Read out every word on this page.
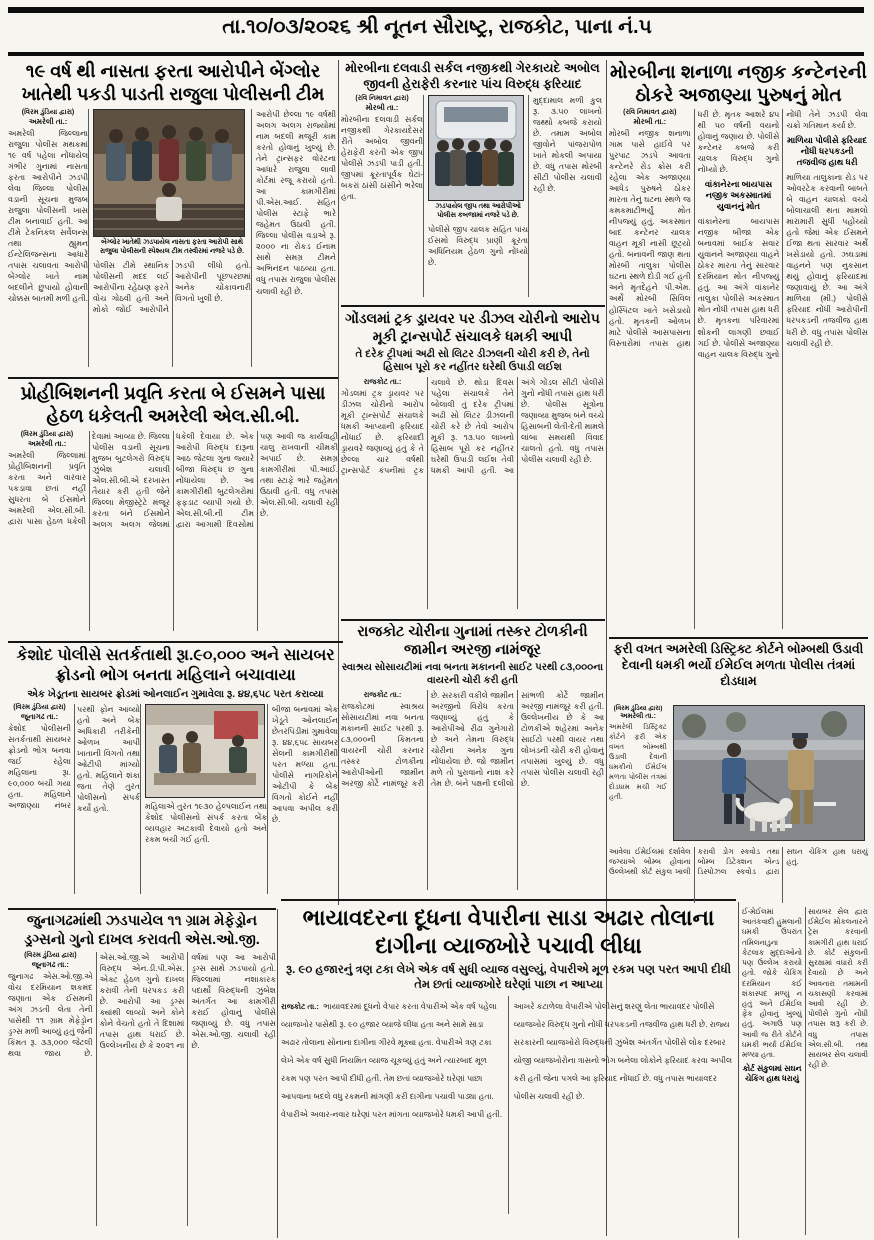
તા.૧૦/૦૩/૨૦૨૬ શ્રી નૂતન સૌરાષ્ટ્ર, રાજકોટ, પાના નં.૫
૧૯ વર્ષ થી નાસતા ફરતા આરોપીને બેંગ્લોર ખાતેથી પકડી પાડતી રાજુલા પોલીસની ટીમ

(વિરમ ડુંડિયા દ્વારા)

અમરેલી તા.:

અમરેલી જિલ્લાના રાજુલા પોલીસ મથકમાં ૧૯ વર્ષ પહેલા નોંધાયેલ ગંભીર ગુનામાં નાસતા ફરતા આરોપીને ઝડપી લેવા જિલ્લા પોલીસ વડાની સૂચના મુજબ રાજુલા પોલીસની ખાસ ટીમ બનાવાઈ હતી. આ ટીમે ટેકનિકલ સર્વેલન્સ તથા હ્યુમન ઈન્ટેલિજન્સના આધારે તપાસ ચલાવતા આરોપી બેંગ્લોર ખાતે નામ બદલીને છુપાયો હોવાની ચોક્કસ બાતમી મળી હતી.

બેંગ્લોર ખાતેથી ઝડપાયેલ નાસતા ફરતા આરોપી સાથે રાજુલા પોલીસની સ્પેશ્યલ ટીમ તસ્વીરમાં નજરે પડે છે.

પોલીસ ટીમે સ્થાનિક પોલીસની મદદ લઈ આરોપીના રહેઠાણ ફરતે વોચ ગોઠવી હતી અને મોકો જોઈ આરોપીને ઝડપી લીધો હતો. આરોપીની પૂછપરછમાં અનેક ચોંકાવનારી વિગતો ખુલી છે.

આરોપી છેલ્લા ૧૯ વર્ષથી અલગ અલગ રાજ્યોમાં નામ બદલી મજૂરી કામ કરતો હોવાનું ખુલ્યું છે. તેને ટ્રાન્સફર વોરંટના આધારે રાજુલા લાવી કોર્ટમાં રજૂ કરાયો હતો. આ કામગીરીમાં પી.એસ.આઈ. સહિત પોલીસ સ્ટાફે ભારે જહેમત ઉઠાવી હતી. જિલ્લા પોલીસ વડાએ રૂ. ૨૦૦૦ ના રોકડ ઈનામ સાથે સમગ્ર ટીમને અભિનંદન પાઠવ્યા હતા. વધુ તપાસ રાજુલા પોલીસ ચલાવી રહી છે.

મોરબીના દલવાડી સર્કલ નજીકથી ગેરકાયદે અબોલ જીવની હેરાફેરી કરનાર પાંચ વિરુદ્ધ ફરિયાદ

(રવિ નિમાવત દ્વારા)

મોરબી તા.:

મોરબીના દલવાડી સર્કલ નજીકથી ગેરકાયદેસર રીતે અબોલ જીવની હેરાફેરી કરતી એક જીપ પોલીસે ઝડપી પાડી હતી. જીપમાં ક્રૂરતાપૂર્વક ઘેટાં-બકરાં ઠાંસી ઠાંસીને ભરેલા હતા.

ઝડપાયેલ જીપ તથા આરોપીઓ પોલીસ કબજામાં નજરે પડે છે.

પોલીસે જીપ ચાલક સહિત પાંચ ઈસમો વિરુદ્ધ પ્રાણી ક્રૂરતા અધિનિયમ હેઠળ ગુનો નોંધ્યો છે.

મુદ્દામાલ મળી કુલ રૂ. ૩.૫૦ લાખનો જથ્થો કબજે કરાયો છે. તમામ અબોલ જીવોને પાંજરાપોળ ખાતે મોકલી અપાયા છે. વધુ તપાસ મોરબી સીટી પોલીસ ચલાવી રહી છે.

મોરબીના શનાળા નજીક કન્ટેનરની ઠોકરે અજાણ્યા પુરુષનું મોત

(રવિ નિમાવત દ્વારા)

મોરબી તા.:

મોરબી નજીક શનાળા ગામ પાસે હાઈવે પર પુરપાટ ઝડપે આવતા કન્ટેનરે રોડ ક્રોસ કરી રહેલા એક અજાણ્યા આધેડ પુરુષને ઠોકર મારતા તેનું ઘટના સ્થળે જ કમકમાટીભર્યું મોત નીપજ્યું હતું. અકસ્માત બાદ કન્ટેનર ચાલક વાહન મૂકી નાસી છૂટ્યો હતો. બનાવની જાણ થતા મોરબી તાલુકા પોલીસ ઘટના સ્થળે દોડી ગઈ હતી અને મૃતદેહને પી.એમ. અર્થે મોરબી સિવિલ હોસ્પિટલ ખાતે ખસેડાયો હતો. મૃતકની ઓળખ માટે પોલીસે આસપાસના વિસ્તારોમાં તપાસ હાથ ધરી છે. મૃતક આશરે ૪૫ થી ૫૦ વર્ષની વયનો હોવાનું જણાય છે. પોલીસે કન્ટેનર કબજે કરી ચાલક વિરુદ્ધ ગુનો નોંધ્યો છે.

વાંકાનેરના બાયપાસ નજીક અકસ્માતમાં યુવાનનું મોત

વાંકાનેરના બાયપાસ નજીક બીજા એક બનાવમાં બાઈક સવાર યુવાનને અજાણ્યા વાહને ઠોકર મારતા તેનું સારવાર દરમિયાન મોત નીપજ્યું હતું. આ અંગે વાંકાનેર તાલુકા પોલીસે અકસ્માત મોત નોંધી તપાસ હાથ ધરી છે. મૃતકના પરિવારમાં શોકની લાગણી છવાઈ ગઈ છે. પોલીસે અજાણ્યા વાહન ચાલક વિરુદ્ધ ગુનો નોંધી તેને ઝડપી લેવા ચક્રો ગતિમાન કર્યા છે.

માળિયા પોલીસે ફરિયાદ નોંધી ધરપકડની તજવીજ હાથ ધરી

માળિયા તાલુકાના રોડ પર ઓવરટેક કરવાની બાબતે બે વાહન ચાલકો વચ્ચે બોલાચાલી થતા મામલો મારામારી સુધી પહોંચ્યો હતો જેમાં એક ઈસમને ઈજા થતા સારવાર અર્થે ખસેડાયો હતો. ઝઘડામાં વાહનને પણ નુકસાન થયું હોવાનું ફરિયાદમાં જણાવાયું છે. આ અંગે માળિયા (મી.) પોલીસે ફરિયાદ નોંધી આરોપીની ધરપકડની તજવીજ હાથ ધરી છે. વધુ તપાસ પોલીસ ચલાવી રહી છે.

પ્રોહીબિશનની પ્રવૃતિ કરતા બે ઈસમને પાસા હેઠળ ધકેલતી અમરેલી એલ.સી.બી.

(વિરમ ડુંડિયા દ્વારા)

અમરેલી તા.:

અમરેલી જિલ્લામાં પ્રોહીબિશનની પ્રવૃતિ કરતા અને વારંવાર પકડાવા છતાં નહીં સુધરતા બે ઈસમોને અમરેલી એલ.સી.બી. દ્વારા પાસા હેઠળ ધકેલી દેવામાં આવ્યા છે. જિલ્લા પોલીસ વડાની સૂચના મુજબ બુટલેગરો વિરુદ્ધ ઝુંબેશ ચલાવી એલ.સી.બી.એ દરખાસ્ત તૈયાર કરી હતી જેને જિલ્લા મેજીસ્ટ્રેટે મંજૂર કરતા બંને ઈસમોને અલગ અલગ જેલમાં ધકેલી દેવાયા છે. એક આરોપી વિરુદ્ધ દારૂના આઠ જેટલા ગુના જ્યારે બીજા વિરુદ્ધ છ ગુના નોંધાયેલા છે. આ કામગીરીથી બુટલેગરોમાં ફફડાટ વ્યાપી ગયો છે. એલ.સી.બી.ની ટીમ દ્વારા આગામી દિવસોમાં પણ આવી જ કાર્યવાહી ચાલુ રાખવાની ચીમકી અપાઈ છે. સમગ્ર કામગીરીમાં પી.આઈ. તથા સ્ટાફે ભારે જહેમત ઉઠાવી હતી. વધુ તપાસ એલ.સી.બી. ચલાવી રહી છે.

ગોંડલમાં ટ્રક ડ્રાયવર પર ડીઝલ ચોરીનો આરોપ મૂકી ટ્રાન્સપોર્ટ સંચાલકે ધમકી આપી

તે દરેક ટ્રીપમાં અઢી સો લિટર ડીઝલની ચોરી કરી છે, તેનો હિસાબ પૂરો કર નહીંતર ઘરેથી ઉપાડી લઈશ

રાજકોટ તા.:

ગોંડલમાં ટ્રક ડ્રાયવર પર ડીઝલ ચોરીનો આરોપ મૂકી ટ્રાન્સપોર્ટ સંચાલકે ધમકી આપ્યાની ફરિયાદ નોંધાઈ છે. ફરિયાદી ડ્રાયવરે જણાવ્યું હતું કે તે છેલ્લા ચાર વર્ષથી ટ્રાન્સપોર્ટ કંપનીમાં ટ્રક ચલાવે છે. થોડા દિવસ પહેલા સંચાલકે તેને બોલાવી તું દરેક ટ્રીપમાં અઢી સો લિટર ડીઝલની ચોરી કરે છે તેવો આરોપ મૂકી રૂ. ૧૩.૫૦ લાખનો હિસાબ પૂરો કર નહીંતર ઘરેથી ઉપાડી લઈશ તેવી ધમકી આપી હતી. આ અંગે ગોંડલ સીટી પોલીસે ગુનો નોંધી તપાસ હાથ ધરી છે. પોલીસ સૂત્રોના જણાવ્યા મુજબ બંને વચ્ચે હિસાબની લેતી-દેતી મામલે લાંબા સમયથી વિવાદ ચાલતો હતો. વધુ તપાસ પોલીસ ચલાવી રહી છે.

કેશોદ પોલીસે સતર્કતાથી રૂા.૯૦,૦૦૦ અને સાયબર ફ્રોડનો ભોગ બનતા મહિલાને બચાવાયા

એક ખેડૂતના સાયબર ફ્રોડમાં ઓનલાઈન ગુમાવેલા રૂ. ૪૪,૬૫૮ પરત કરાવ્યા

(વિરમ ડુંડિયા દ્વારા)

જૂનાગઢ તા.:

કેશોદ પોલીસની સતર્કતાથી સાયબર ફ્રોડનો ભોગ બનવા જઈ રહેલા મહિલાના રૂા. ૯૦,૦૦૦ બચી ગયા હતા. મહિલાને અજાણ્યા નંબર પરથી ફોન આવ્યો હતો અને બેંક અધિકારી તરીકેની ઓળખ આપી ખાતાની વિગતો તથા ઓટીપી માંગ્યો હતો. મહિલાને શંકા જતા તેણે તુરંત પોલીસનો સંપર્ક કર્યો હતો.	મહિલાએ તુરંત ૧૯૩૦ હેલ્પલાઈન તથા કેશોદ પોલીસનો સંપર્ક કરતા બેંક વ્યવહાર અટકાવી દેવાયો હતો અને રકમ બચી ગઈ હતી.

બીજા બનાવમાં એક ખેડૂતે ઓનલાઈન છેતરપિંડીમાં ગુમાવેલા રૂ. ૪૪,૬૫૮ સાયબર સેલની કામગીરીથી પરત મળ્યા હતા. પોલીસે નાગરિકોને ઓટીપી કે બેંક વિગતો કોઈને નહીં આપવા અપીલ કરી છે.

રાજકોટ ચોરીના ગુનામાં તસ્કર ટોળકીની જામીન અરજી નામંજૂર

સ્વાશ્રય સોસાયટીમાં નવા બનતા મકાનની સાઈટ પરથી ૮૩,૦૦૦ના વાયરની ચોરી કરી હતી

રાજકોટ તા.:

રાજકોટમાં સ્વાશ્રય સોસાયટીમાં નવા બનતા મકાનની સાઈટ પરથી રૂ. ૮૩,૦૦૦ની કિંમતના વાયરની ચોરી કરનાર તસ્કર ટોળકીના આરોપીઓની જામીન અરજી કોર્ટે નામંજૂર કરી છે. સરકારી વકીલે જામીન અરજીનો વિરોધ કરતા જણાવ્યું હતું કે આરોપીઓ રીઢા ગુનેગારો છે અને તેમના વિરુદ્ધ ચોરીના અનેક ગુના નોંધાયેલા છે. જો જામીન મળે તો પુરાવાનો નાશ કરે તેમ છે. બંને પક્ષની દલીલો સાંભળી કોર્ટે જામીન અરજી નામંજૂર કરી હતી. ઉલ્લેખનીય છે કે આ ટોળકીએ શહેરમાં અનેક સાઈટો પરથી વાયર તથા લોખંડની ચોરી કરી હોવાનું તપાસમાં ખુલ્યું છે. વધુ તપાસ પોલીસ ચલાવી રહી છે.

ફરી વખત અમરેલી ડિસ્ટ્રિક્ટ કોર્ટને બોમ્બથી ઉડાવી દેવાની ધમકી ભર્યો ઈમેઈલ મળતા પોલીસ તંત્રમાં દોડધામ

(વિરમ ડુંડિયા દ્વારા)

અમરેલી તા.:

અમરેલી ડિસ્ટ્રિક્ટ કોર્ટને ફરી એક વખત બોમ્બથી ઉડાવી દેવાની ધમકીનો ઈમેઈલ મળતા પોલીસ તંત્રમાં દોડધામ મચી ગઈ હતી.

આવેલા ઈમેઈલમાં દર્શાવેલ જગ્યાએ બોમ્બ હોવાના ઉલ્લેખથી કોર્ટ સંકુલ ખાલી કરાવી ડોગ સ્કવોડ તથા બોમ્બ ડિટેક્શન એન્ડ ડિસ્પોઝલ સ્કવોડ દ્વારા સઘન ચેકિંગ હાથ ધરાયું હતું.

ઈ-મેઈલમાં આતંકવાદી હુમલાની ધમકી ઉપરાંત તમિલનાડુના કેટલાક મુદ્દાઓનો પણ ઉલ્લેખ કરાયો હતો. જોકે ચેકિંગ દરમિયાન કંઈ શંકાસ્પદ મળ્યું ન હતું અને ઈમેઈલ ફેક હોવાનું ખુલ્યું હતું. અગાઉ પણ આવી જ રીતે કોર્ટને ધમકી ભર્યા ઈમેઈલ મળ્યા હતા.

કોર્ટ સંકુલમાં સઘન ચેકિંગ હાથ ધરાયું

સાયબર સેલ દ્વારા ઈમેઈલ મોકલનારને ટ્રેસ કરવાની કામગીરી હાથ ધરાઈ છે. કોર્ટ સંકુલની સુરક્ષામાં વધારો કરી દેવાયો છે અને આવનારા તમામની ચકાસણી કરવામાં આવી રહી છે. પોલીસે ગુનો નોંધી તપાસ શરૂ કરી છે. વધુ તપાસ એલ.સી.બી. તથા સાયબર સેલ ચલાવી રહી છે.

જુનાગઢમાંથી ઝડપાયેલ ૧૧ ગ્રામ મેફેડ્રોન ડ્રગ્સનો ગુનો દાખલ કરાવતી એસ.ઓ.જી.

(વિરમ ડુંડિયા દ્વારા)

જૂનાગઢ તા.:

જુનાગઢ એસ.ઓ.જી.એ વોચ દરમિયાન શકમંદ જણાતા એક ઈસમની અંગ ઝડતી લેતા તેની પાસેથી ૧૧ ગ્રામ મેફેડ્રોન ડ્રગ્સ મળી આવ્યું હતું જેની કિંમત રૂ. ૩૩,૦૦૦ જેટલી થવા જાય છે. એસ.ઓ.જી.એ આરોપી વિરુદ્ધ એન.ડી.પી.એસ. એક્ટ હેઠળ ગુનો દાખલ કરાવી તેની ધરપકડ કરી છે. આરોપી આ ડ્રગ્સ ક્યાંથી લાવ્યો અને કોને કોને વેચતો હતો તે દિશામાં તપાસ હાથ ધરાઈ છે. ઉલ્લેખનીય છે કે ૨૦૨૧ ના વર્ષમાં પણ આ આરોપી ડ્રગ્સ સાથે ઝડપાયો હતો. જિલ્લામાં નશાકારક પદાર્થો વિરુદ્ધની ઝુંબેશ અંતર્ગત આ કામગીરી કરાઈ હોવાનું પોલીસે જણાવ્યું છે. વધુ તપાસ એસ.ઓ.જી. ચલાવી રહી છે.

ભાયાવદરના દૂધના વેપારીના સાડા અઢાર તોલાના દાગીના વ્યાજખોરે પચાવી લીધા

રૂ. ૯૦ હજારનું ત્રણ ટકા લેખે એક વર્ષ સુધી વ્યાજ વસુલ્યું, વેપારીએ મૂળ રકમ પણ પરત આપી દીધી તેમ છતાં વ્યાજખોરે ઘરેણાં પાછા ન આપ્યા

રાજકોટ તા.:

ભાયાવદરમાં દૂધનો વેપાર કરતા વેપારીએ એક વર્ષ પહેલા વ્યાજખોર પાસેથી રૂ. ૯૦ હજાર વ્યાજે લીધા હતા અને સામે સાડા અઢાર તોલાના સોનાના દાગીના ગીરવે મૂક્યા હતા. વેપારીએ ત્રણ ટકા લેખે એક વર્ષ સુધી નિયમિત વ્યાજ ચૂકવ્યું હતું અને ત્યારબાદ મૂળ રકમ પણ પરત આપી દીધી હતી. તેમ છતાં વ્યાજખોરે ઘરેણાં પાછા આપવાના બદલે વધુ રકમની માંગણી કરી દાગીના પચાવી પાડ્યા હતા. વેપારીએ અવાર-નવાર ઘરેણાં પરત માંગતા વ્યાજખોરે ધમકી આપી હતી. આખરે કંટાળેલા વેપારીએ પોલીસનું શરણું લેતા ભાયાવદર પોલીસે વ્યાજખોર વિરુદ્ધ ગુનો નોંધી ધરપકડની તજવીજ હાથ ધરી છે. રાજ્ય સરકારની વ્યાજખોરો વિરુદ્ધની ઝુંબેશ અંતર્ગત પોલીસે લોક દરબાર યોજી વ્યાજખોરોના ત્રાસનો ભોગ બનેલા લોકોને ફરિયાદ કરવા અપીલ કરી હતી જેના પગલે આ ફરિયાદ નોંધાઈ છે. વધુ તપાસ ભાયાવદર પોલીસ ચલાવી રહી છે.
